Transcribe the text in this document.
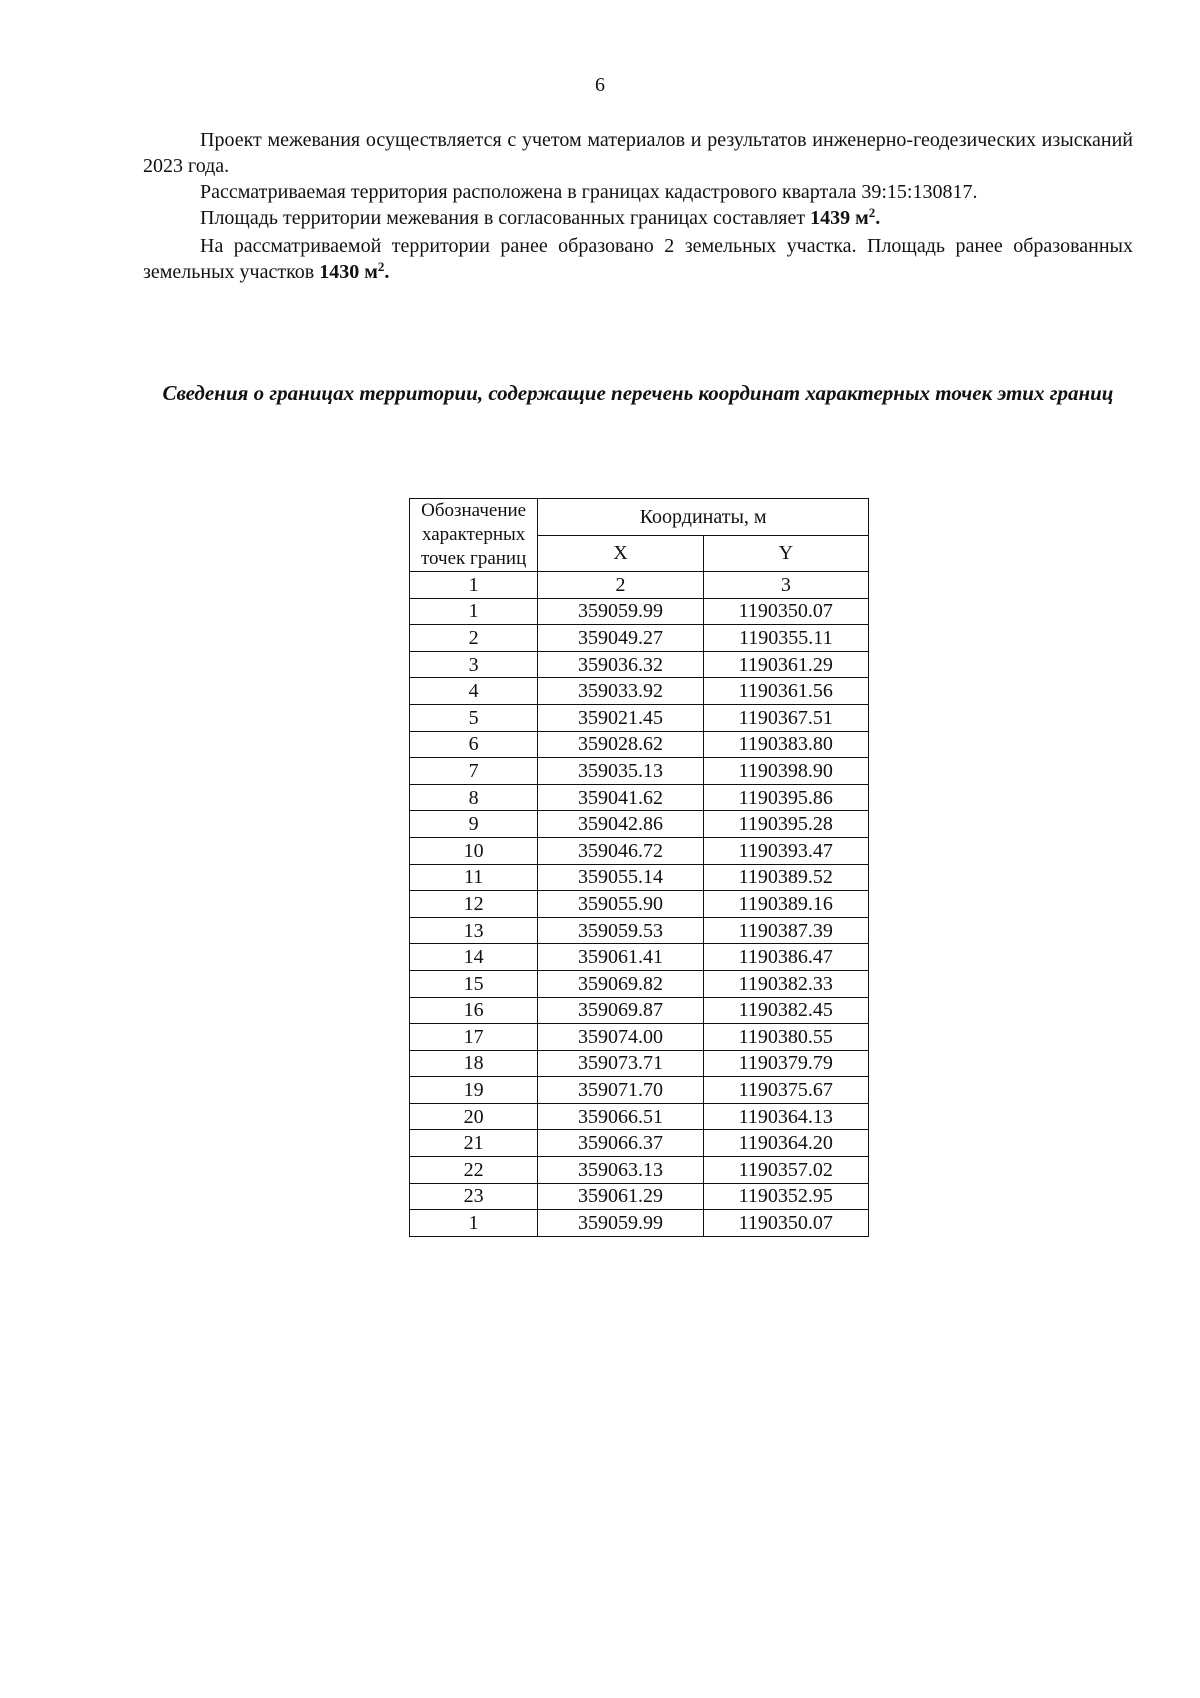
6

Проект межевания осуществляется с учетом материалов и результатов инженерно-геодезических изысканий 2023 года.

Рассматриваемая территория расположена в границах кадастрового квартала 39:15:130817.

Площадь территории межевания в согласованных границах составляет 1439 $м^2$.

На рассматриваемой территории ранее образовано 2 земельных участка. Площадь ранее образованных земельных участков 1430 $м^2$.

Сведения о границах территории, содержащие перечень координат характерных точек этих границ
Обозначение характерных точек границ	Координаты, м	
	X	Y
1	2	3
1	359059.99	1190350.07
2	359049.27	1190355.11
3	359036.32	1190361.29
4	359033.92	1190361.56
5	359021.45	1190367.51
6	359028.62	1190383.80
7	359035.13	1190398.90
8	359041.62	1190395.86
9	359042.86	1190395.28
10	359046.72	1190393.47
11	359055.14	1190389.52
12	359055.90	1190389.16
13	359059.53	1190387.39
14	359061.41	1190386.47
15	359069.82	1190382.33
16	359069.87	1190382.45
17	359074.00	1190380.55
18	359073.71	1190379.79
19	359071.70	1190375.67
20	359066.51	1190364.13
21	359066.37	1190364.20
22	359063.13	1190357.02
23	359061.29	1190352.95
1	359059.99	1190350.07
